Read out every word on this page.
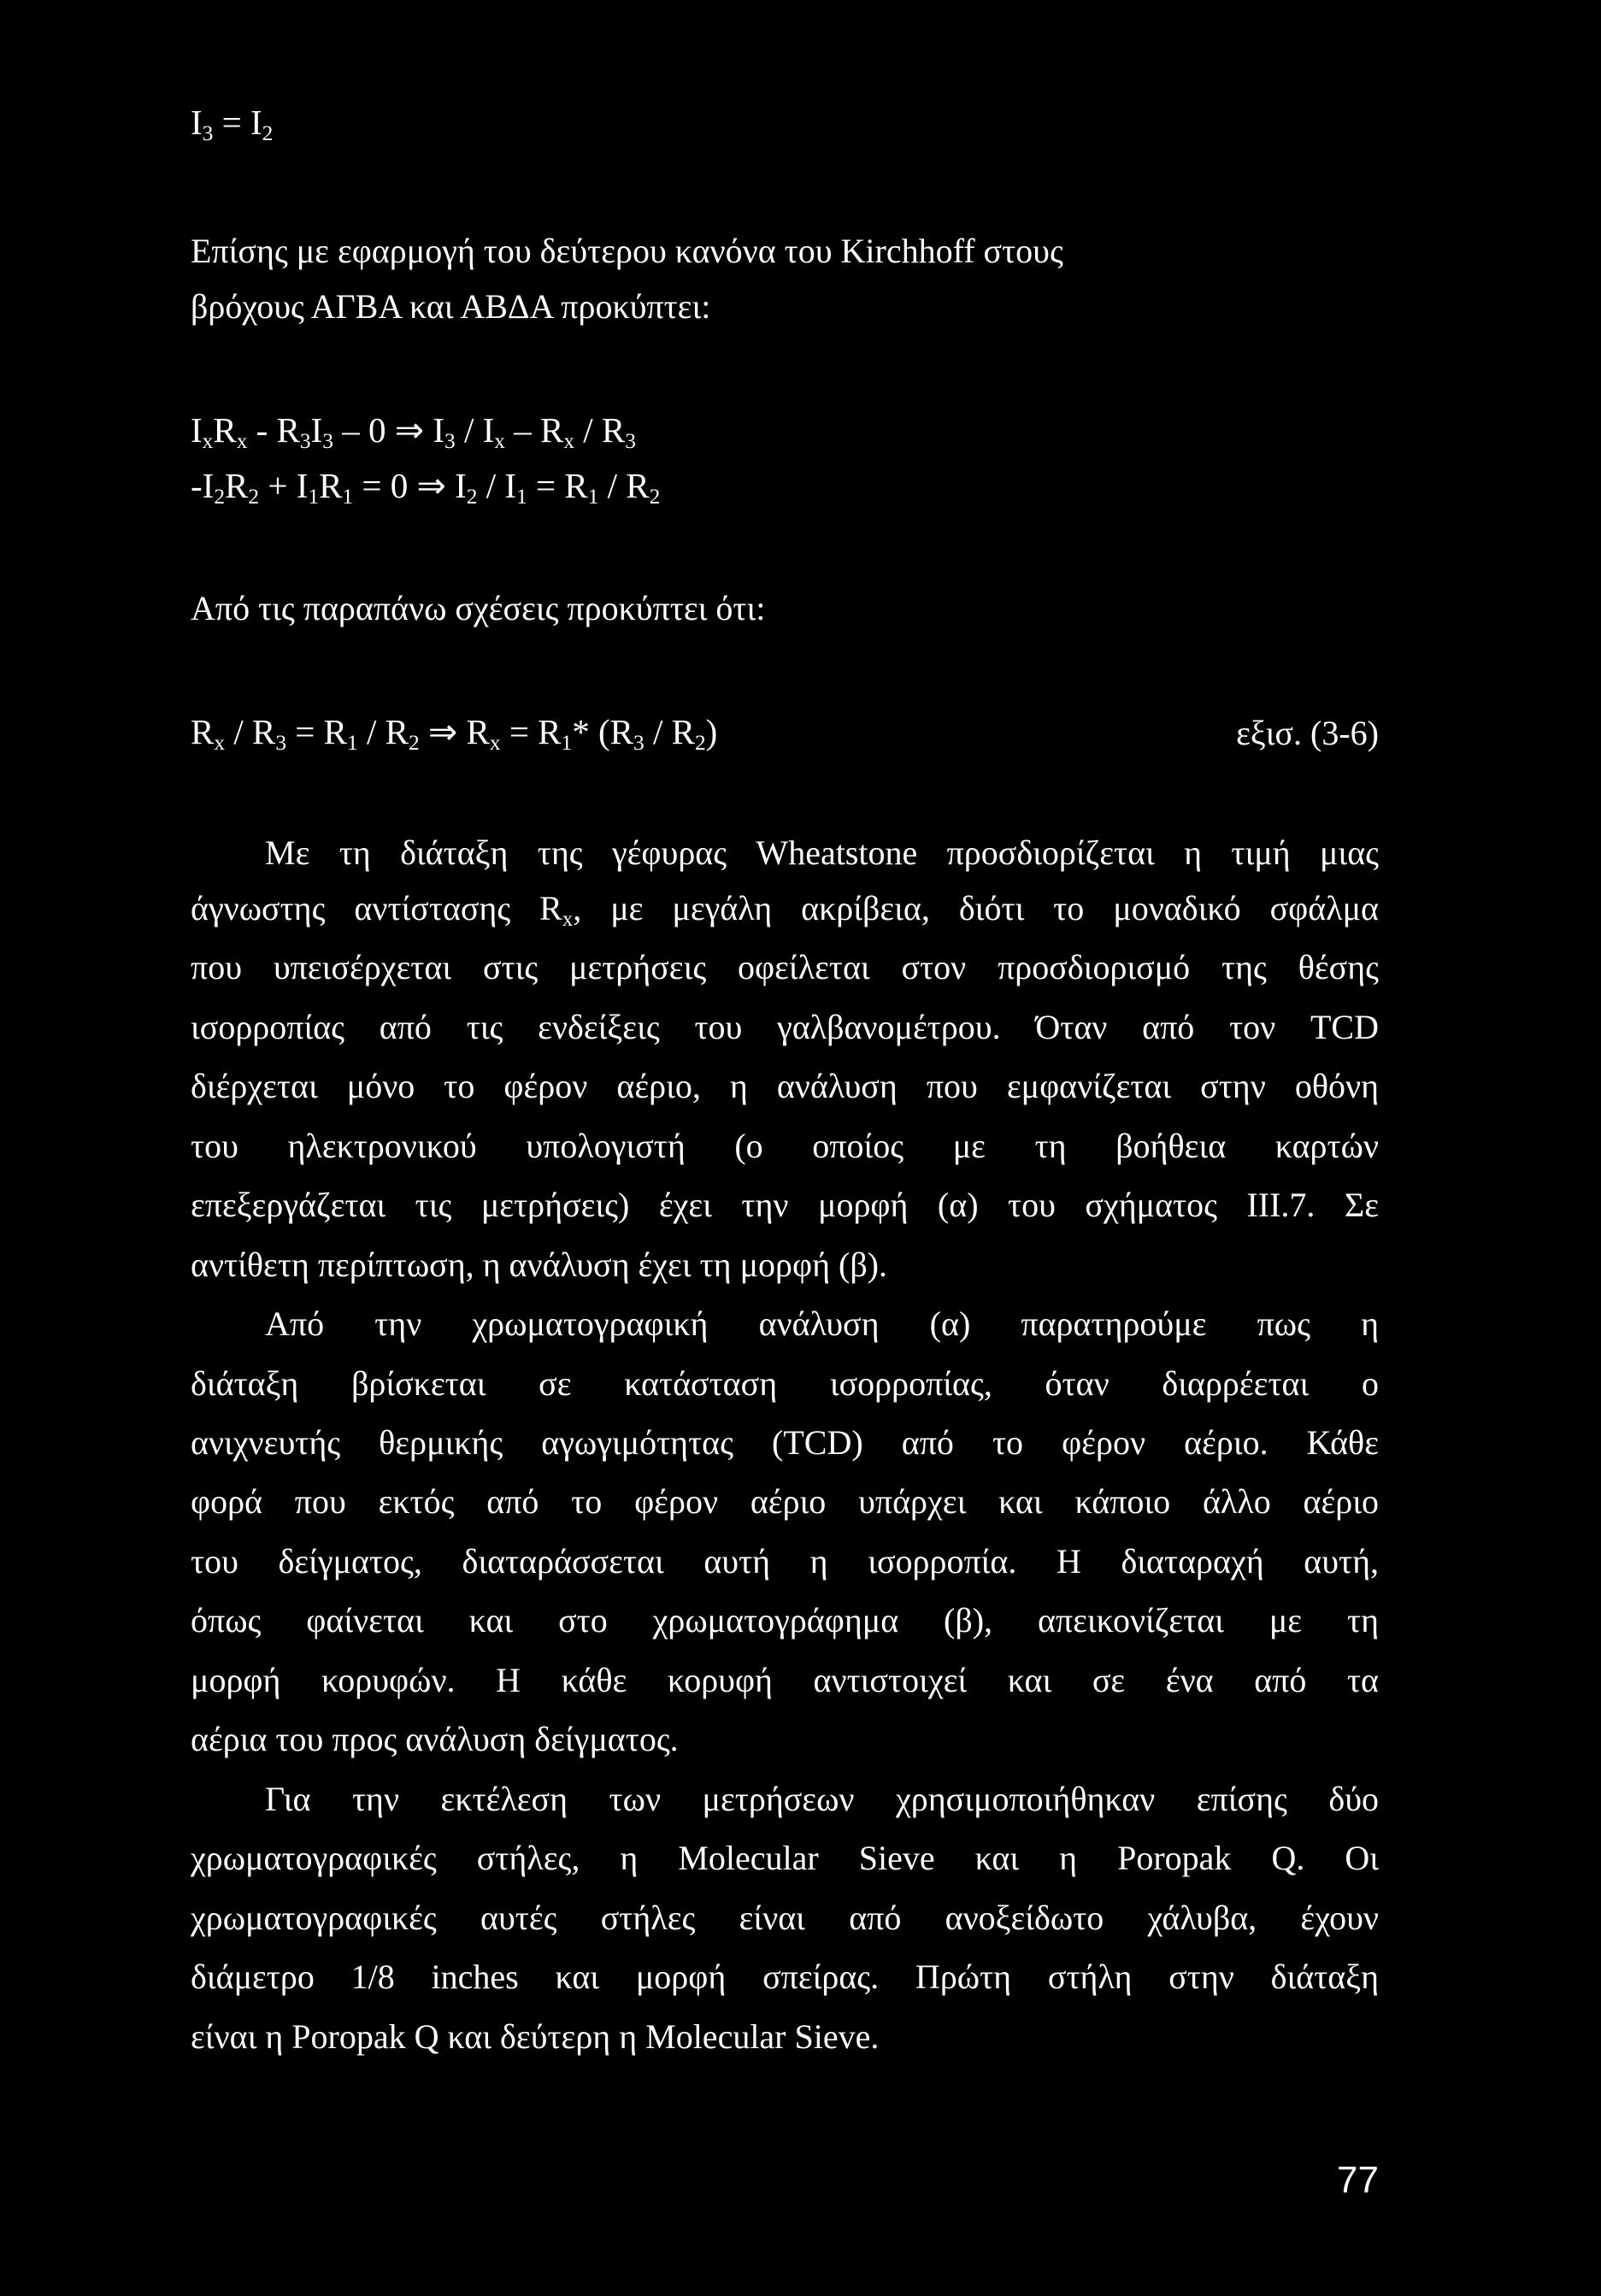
$I_3 = I_2$
Επίσης με εφαρμογή του δεύτερου κανόνα του Kirchhoff στους
βρόχους ΑΓΒΑ και ΑΒΔΑ προκύπτει:
$I_xR_x - R_3I_3 - 0$ ⇒ $I_3 / I_x - R_x / R_3$
$-I_2R_2 + I_1R_1 = 0$ ⇒ $I_2 / I_1 = R_1 / R_2$
Από τις παραπάνω σχέσεις προκύπτει ότι:
$R_x / R_3 = R_1 / R_2$ ⇒ $R_x = R_1*$ $(R_3 / R_2)$	εξισ. (3-6)
Με τη διάταξη της γέφυρας Wheatstone προσδιορίζεται η τιμή μιας
άγνωστης αντίστασης $R_x$, με μεγάλη ακρίβεια, διότι το μοναδικό σφάλμα
που υπεισέρχεται στις μετρήσεις οφείλεται στον προσδιορισμό της θέσης
ισορροπίας από τις ενδείξεις του γαλβανομέτρου. Όταν από τον TCD
διέρχεται μόνο το φέρον αέριο, η ανάλυση που εμφανίζεται στην οθόνη
του ηλεκτρονικού υπολογιστή (ο οποίος με τη βοήθεια καρτών
επεξεργάζεται τις μετρήσεις) έχει την μορφή (α) του σχήματος ΙΙΙ.7. Σε
αντίθετη περίπτωση, η ανάλυση έχει τη μορφή (β).
Από την χρωματογραφική ανάλυση (α) παρατηρούμε πως η
διάταξη βρίσκεται σε κατάσταση ισορροπίας, όταν διαρρέεται ο
ανιχνευτής θερμικής αγωγιμότητας (TCD) από το φέρον αέριο. Κάθε
φορά που εκτός από το φέρον αέριο υπάρχει και κάποιο άλλο αέριο
του δείγματος, διαταράσσεται αυτή η ισορροπία. Η διαταραχή αυτή,
όπως φαίνεται και στο χρωματογράφημα (β), απεικονίζεται με τη
μορφή κορυφών. Η κάθε κορυφή αντιστοιχεί και σε ένα από τα
αέρια του προς ανάλυση δείγματος.
Για την εκτέλεση των μετρήσεων χρησιμοποιήθηκαν επίσης δύο
χρωματογραφικές στήλες, η Molecular Sieve και η Poropak Q. Οι
χρωματογραφικές αυτές στήλες είναι από ανοξείδωτο χάλυβα, έχουν
διάμετρο 1/8 inches και μορφή σπείρας. Πρώτη στήλη στην διάταξη
είναι η Poropak Q και δεύτερη η Molecular Sieve.
77
